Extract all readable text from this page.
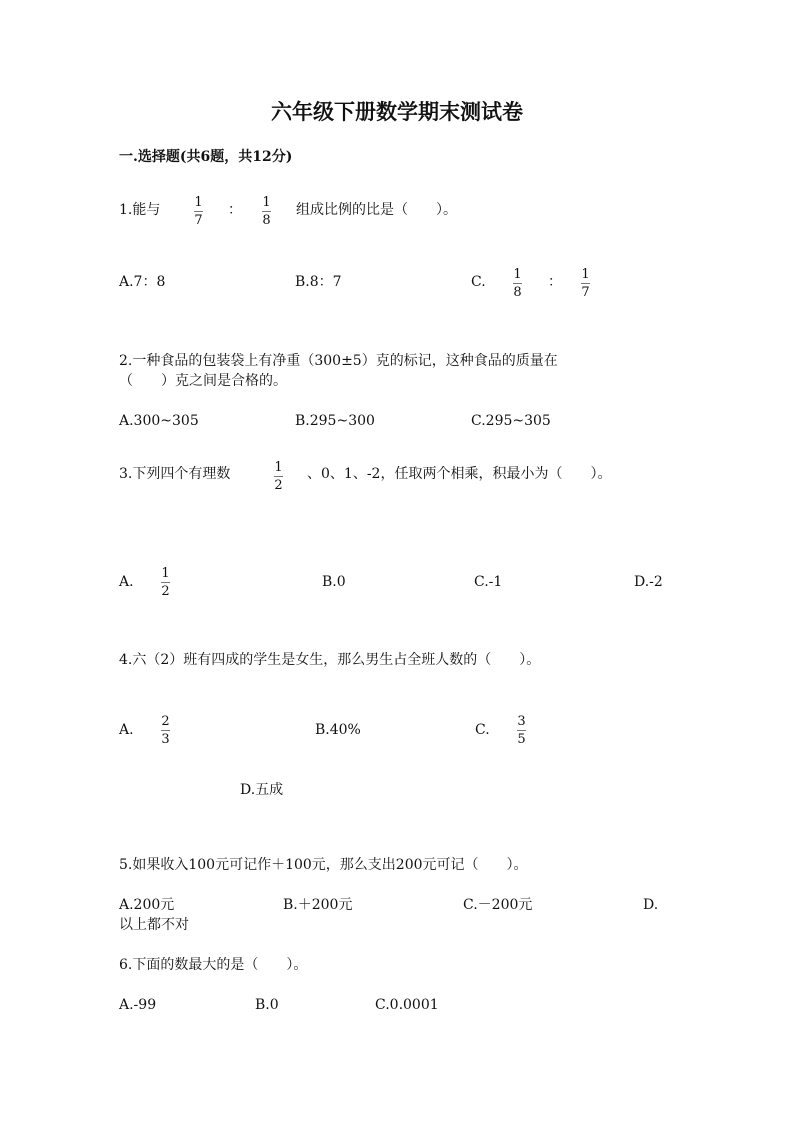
六年级下册数学期末测试卷
一.选择题(共6题，共12分)
1.能与	1
7
： 1
8
组成比例的比是（　　）。
A.7：8	B.8：7	C. 1
8
： 1
7
2.一种食品的包装袋上有净重（300±5）克的标记，这种食品的质量在
（　　）克之间是合格的。
A.300~305	B.295~300	C.295~305
3.下列四个有理数	1
2
、0、1、-2，任取两个相乘，积最小为（　　）。
A.
1
2
B.0	C.-1	D.-2
4.六（2）班有四成的学生是女生，那么男生占全班人数的（　　）。
A.
2
3
B.40%	C.
3
5
D.五成
5.如果收入100元可记作＋100元，那么支出200元可记（　　）。
A.200元	B.＋200元	C.－200元	D.
以上都不对
6.下面的数最大的是（　　）。
A.-99	B.0	C.0.0001
